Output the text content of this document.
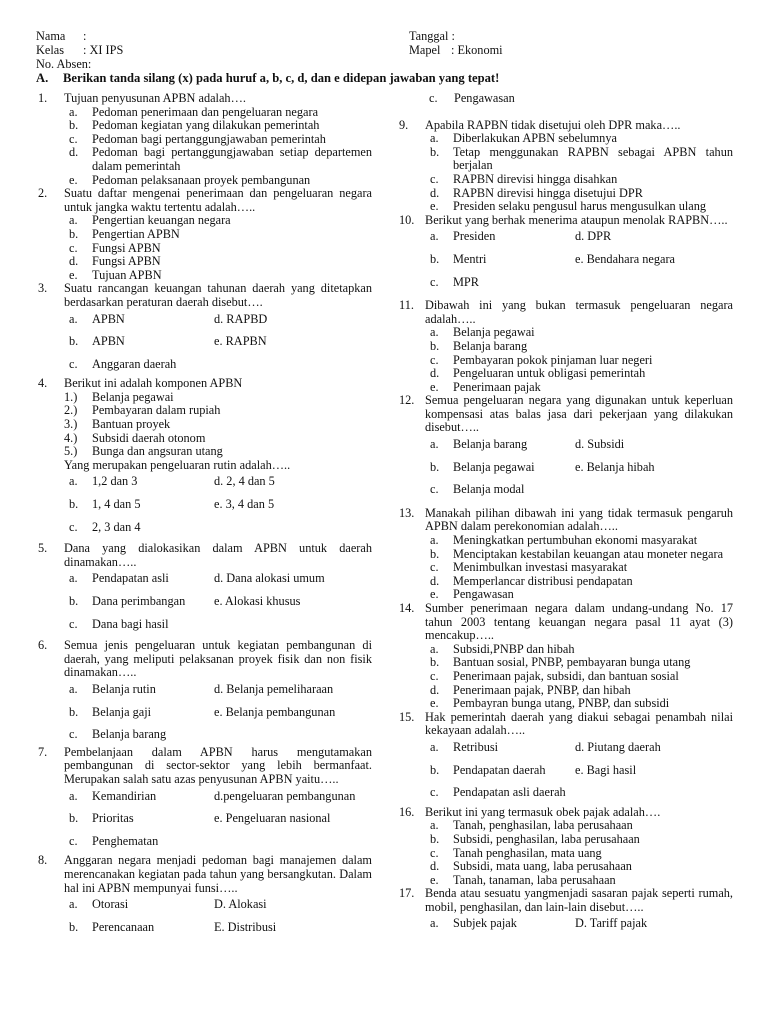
Nama :
Kelas : XI IPS
No. Absen:
Tanggal :
Mapel : Ekonomi
A. Berikan tanda silang (x) pada huruf a, b, c, d, dan e didepan jawaban yang tepat!
1. Tujuan penyusunan APBN adalah….
a. Pedoman penerimaan dan pengeluaran negara
b. Pedoman kegiatan yang dilakukan pemerintah
c. Pedoman bagi pertanggungjawaban pemerintah
d. Pedoman bagi pertanggungjawaban setiap departemen dalam pemerintah
e. Pedoman pelaksanaan proyek pembangunan
2. Suatu daftar mengenai penerimaan dan pengeluaran negara untuk jangka waktu tertentu adalah…..
a. Pengertian keuangan negara
b. Pengertian APBN
c. Fungsi APBN
d. Fungsi APBN
e. Tujuan APBN
3. Suatu rancangan keuangan tahunan daerah yang ditetapkan berdasarkan peraturan daerah disebut….
a. APBN	d. RAPBD
b. APBN	e. RAPBN
c. Anggaran daerah
4. Berikut ini adalah komponen APBN
1.) Belanja pegawai
2.) Pembayaran dalam rupiah
3.) Bantuan proyek
4.) Subsidi daerah otonom
5.) Bunga dan angsuran utang
Yang merupakan pengeluaran rutin adalah…..
a. 1,2 dan 3	d. 2, 4 dan 5
b. 1, 4 dan 5	e. 3, 4 dan 5
c. 2, 3 dan 4
5. Dana yang dialokasikan dalam APBN untuk daerah dinamakan…..
a. Pendapatan asli	d. Dana alokasi umum
b. Dana perimbangan	e. Alokasi khusus
c. Dana bagi hasil
6. Semua jenis pengeluaran untuk kegiatan pembangunan di daerah, yang meliputi pelaksanan proyek fisik dan non fisik dinamakan…..
a. Belanja rutin	d. Belanja pemeliharaan
b. Belanja gaji	e. Belanja pembangunan
c. Belanja barang
7. Pembelanjaan dalam APBN harus mengutamakan pembangunan di sector-sektor yang lebih bermanfaat. Merupakan salah satu azas penyusunan APBN yaitu…..
a. Kemandirian	d.pengeluaran pembangunan
b. Prioritas	e. Pengeluaran nasional
c. Penghematan
8. Anggaran negara menjadi pedoman bagi manajemen dalam merencanakan kegiatan pada tahun yang bersangkutan. Dalam hal ini APBN mempunyai funsi…..
a. Otorasi	D. Alokasi
b. Perencanaan	E. Distribusi
c. Pengawasan
9. Apabila RAPBN tidak disetujui oleh DPR maka…..
a. Diberlakukan APBN sebelumnya
b. Tetap menggunakan RAPBN sebagai APBN tahun berjalan
c. RAPBN direvisi hingga disahkan
d. RAPBN direvisi hingga disetujui DPR
e. Presiden selaku pengusul harus mengusulkan ulang
10. Berikut yang berhak menerima ataupun menolak RAPBN…..
a. Presiden	d. DPR
b. Mentri	e. Bendahara negara
c. MPR
11. Dibawah ini yang bukan termasuk pengeluaran negara adalah…..
a. Belanja pegawai
b. Belanja barang
c. Pembayaran pokok pinjaman luar negeri
d. Pengeluaran untuk obligasi pemerintah
e. Penerimaan pajak
12. Semua pengeluaran negara yang digunakan untuk keperluan kompensasi atas balas jasa dari pekerjaan yang dilakukan disebut…..
a. Belanja barang	d. Subsidi
b. Belanja pegawai	e. Belanja hibah
c. Belanja modal
13. Manakah pilihan dibawah ini yang tidak termasuk pengaruh APBN dalam perekonomian adalah…..
a. Meningkatkan pertumbuhan ekonomi masyarakat
b. Menciptakan kestabilan keuangan atau moneter negara
c. Menimbulkan investasi masyarakat
d. Memperlancar distribusi pendapatan
e. Pengawasan
14. Sumber penerimaan negara dalam undang-undang No. 17 tahun 2003 tentang keuangan negara pasal 11 ayat (3) mencakup…..
a. Subsidi,PNBP dan hibah
b. Bantuan sosial, PNBP, pembayaran bunga utang
c. Penerimaan pajak, subsidi, dan bantuan sosial
d. Penerimaan pajak, PNBP, dan hibah
e. Pembayran bunga utang, PNBP, dan subsidi
15. Hak pemerintah daerah yang diakui sebagai penambah nilai kekayaan adalah…..
a. Retribusi	d. Piutang daerah
b. Pendapatan daerah	e. Bagi hasil
c. Pendapatan asli daerah
16. Berikut ini yang termasuk obek pajak adalah….
a. Tanah, penghasilan, laba perusahaan
b. Subsidi, penghasilan, laba perusahaan
c. Tanah penghasilan, mata uang
d. Subsidi, mata uang, laba perusahaan
e. Tanah, tanaman, laba perusahaan
17. Benda atau sesuatu yangmenjadi sasaran pajak seperti rumah, mobil, penghasilan, dan lain-lain disebut…..
a. Subjek pajak	D. Tariff pajak
